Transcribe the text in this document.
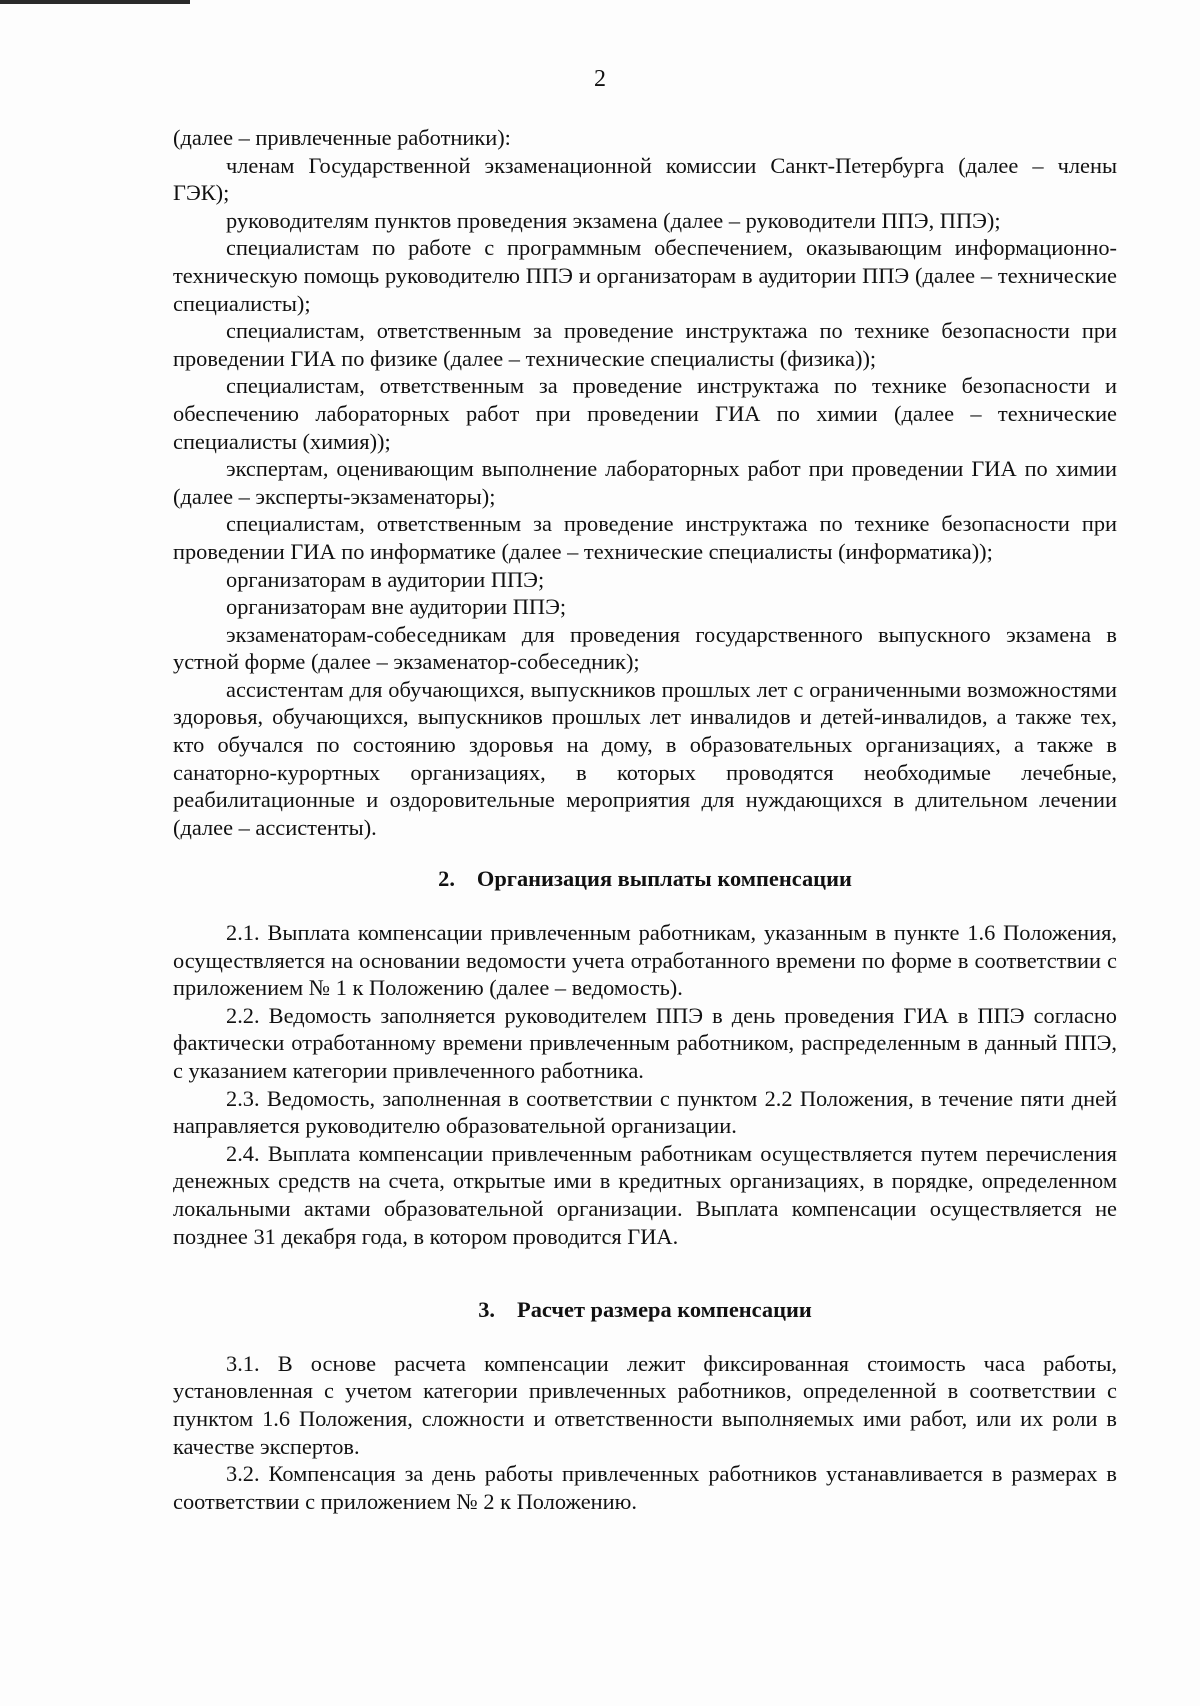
2

(далее – привлеченные работники):

членам Государственной экзаменационной комиссии Санкт-Петербурга (далее – члены ГЭК);

руководителям пунктов проведения экзамена (далее – руководители ППЭ, ППЭ);

специалистам по работе с программным обеспечением, оказывающим информационно-техническую помощь руководителю ППЭ и организаторам в аудитории ППЭ (далее – технические специалисты);

специалистам, ответственным за проведение инструктажа по технике безопасности при проведении ГИА по физике (далее – технические специалисты (физика));

специалистам, ответственным за проведение инструктажа по технике безопасности и обеспечению лабораторных работ при проведении ГИА по химии (далее – технические специалисты (химия));

экспертам, оценивающим выполнение лабораторных работ при проведении ГИА по химии (далее – эксперты-экзаменаторы);

специалистам, ответственным за проведение инструктажа по технике безопасности при проведении ГИА по информатике (далее – технические специалисты (информатика));

организаторам в аудитории ППЭ;

организаторам вне аудитории ППЭ;

экзаменаторам-собеседникам для проведения государственного выпускного экзамена в устной форме (далее – экзаменатор-собеседник);

ассистентам для обучающихся, выпускников прошлых лет с ограниченными возможностями здоровья, обучающихся, выпускников прошлых лет инвалидов и детей-инвалидов, а также тех, кто обучался по состоянию здоровья на дому, в образовательных организациях, а также в санаторно-курортных организациях, в которых проводятся необходимые лечебные, реабилитационные и оздоровительные мероприятия для нуждающихся в длительном лечении (далее – ассистенты).

2. Организация выплаты компенсации

2.1. Выплата компенсации привлеченным работникам, указанным в пункте 1.6 Положения, осуществляется на основании ведомости учета отработанного времени по форме в соответствии с приложением № 1 к Положению (далее – ведомость).

2.2. Ведомость заполняется руководителем ППЭ в день проведения ГИА в ППЭ согласно фактически отработанному времени привлеченным работником, распределенным в данный ППЭ, с указанием категории привлеченного работника.

2.3. Ведомость, заполненная в соответствии с пунктом 2.2 Положения, в течение пяти дней направляется руководителю образовательной организации.

2.4. Выплата компенсации привлеченным работникам осуществляется путем перечисления денежных средств на счета, открытые ими в кредитных организациях, в порядке, определенном локальными актами образовательной организации. Выплата компенсации осуществляется не позднее 31 декабря года, в котором проводится ГИА.

3. Расчет размера компенсации

3.1. В основе расчета компенсации лежит фиксированная стоимость часа работы, установленная с учетом категории привлеченных работников, определенной в соответствии с пунктом 1.6 Положения, сложности и ответственности выполняемых ими работ, или их роли в качестве экспертов.

3.2. Компенсация за день работы привлеченных работников устанавливается в размерах в соответствии с приложением № 2 к Положению.
